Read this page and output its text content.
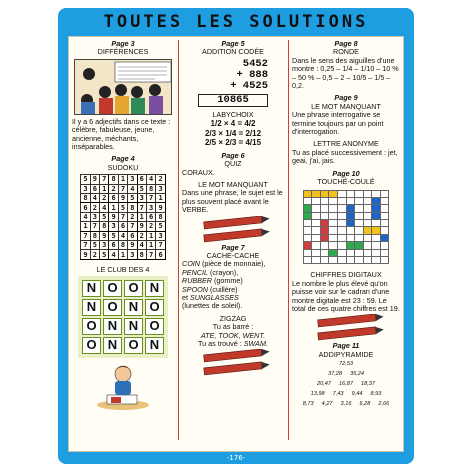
TOUTES LES SOLUTIONS
Page 3
DIFFÉRENCES
Il y a 6 adjectifs dans ce texte : célèbre, fabuleuse, jeune, ancienne, méchants, inséparables.
Page 4
SUDOKU
5	9	7	8	1	3	6	4	2
3	6	1	2	7	4	5	8	3
8	4	2	6	9	5	3	7	1
6	2	4	1	5	8	7	3	9
4	3	5	9	7	2	1	6	8
1	7	8	3	6	7	9	2	5
7	8	9	5	4	6	2	1	3
7	5	3	6	8	9	4	1	7
9	2	5	4	1	3	8	7	6
LE CLUB DES 4
N	O	O	N
N	O	N	O
O	N	N	O
O	N	O	N
Page 5
ADDITION CODÉE
5452
+ 888
+ 4525
10865
LABYCHOIX
1/2 × 4 = 4/2
2/3 × 1/4 = 2/12
2/5 × 2/3 = 4/15
Page 6
QUIZ
CORAUX.
LE MOT MANQUANT
Dans une phrase, le sujet est le plus souvent placé avant le VERBE.
Page 7
CACHE-CACHE
COIN (pièce de monnaie),
PENCIL (crayon),
RUBBER (gomme)
SPOON (cuillère)
et SUNGLASSES
(lunettes de soleil).
ZIGZAG
Tu as barré :
ATE, TOOK, WENT.
Tu as trouvé : SWAM.
Page 8
RONDE
Dans le sens des aiguilles d'une montre : 0,25 – 1/4 – 1/10 – 10 % – 50 % – 0,5 – 2 – 10/5 – 1/5 – 0,2.
Page 9
LE MOT MANQUANT
Une phrase interrogative se termine toujours par un point d'interrogation.
LETTRE ANONYME
Tu as placé successivement : jet, geai, j'ai, jais.
Page 10
TOUCHÉ-COULÉ

CHIFFRES DIGITAUX
Le nombre le plus élevé qu'on puisse voir sur le cadran d'une montre digitale est 23 : 59. Le total de ces quatre chiffres est 19.
Page 11
ADDIPYRAMIDE
72,53
37,28 35,24
20,47 16,87 18,37
13,98 7,43 9,44 8,93
8,73 4,27 3,16 6,28 2,66
-176-
